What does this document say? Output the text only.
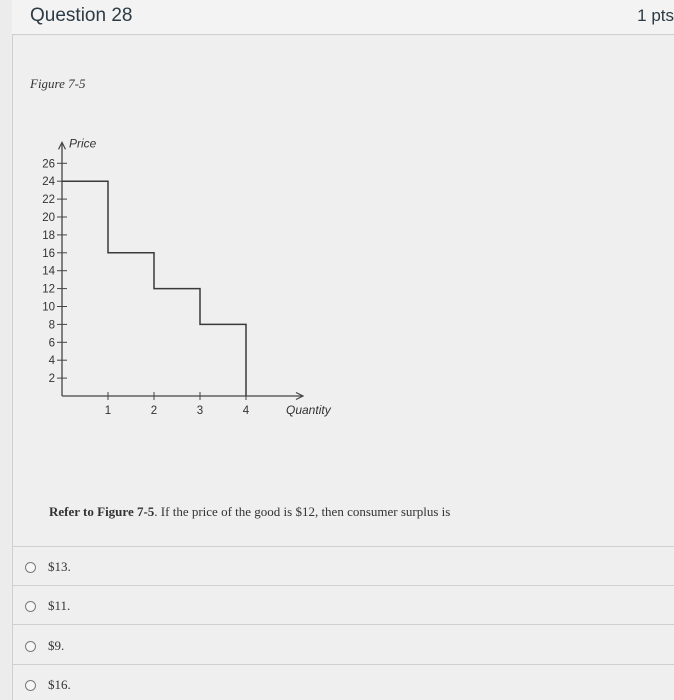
Question 28	1 pts
Figure 7-5
2
4
6
8
10
12
14
16
18
20
22
24
26
1	2	3	4
Price
Quantity
Refer to Figure 7-5. If the price of the good is $12, then consumer surplus is
$13.
$11.
$9.
$16.
